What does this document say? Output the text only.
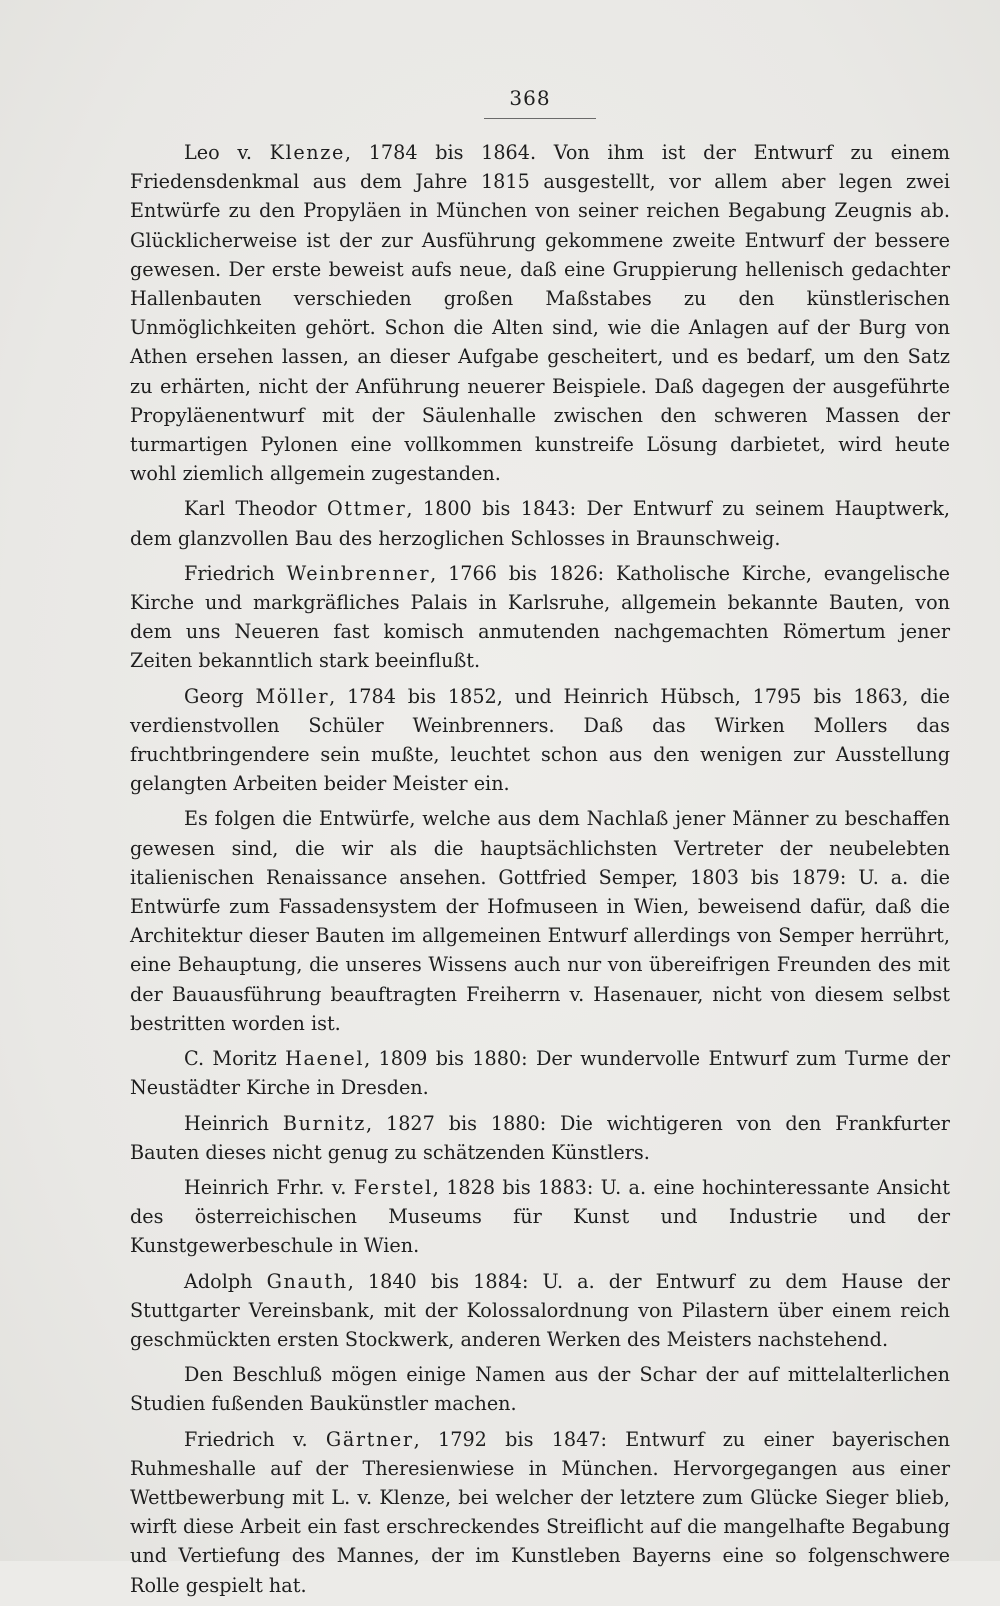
368

Leo v. Klenze, 1784 bis 1864. Von ihm ist der Entwurf zu einem Friedensdenkmal aus dem Jahre 1815 ausgestellt, vor allem aber legen zwei Entwürfe zu den Propyläen in München von seiner reichen Begabung Zeugnis ab. Glücklicherweise ist der zur Ausführung gekommene zweite Entwurf der bessere gewesen. Der erste beweist aufs neue, daß eine Gruppierung hellenisch gedachter Hallenbauten verschieden großen Maßstabes zu den künstlerischen Unmöglichkeiten gehört. Schon die Alten sind, wie die Anlagen auf der Burg von Athen ersehen lassen, an dieser Aufgabe gescheitert, und es bedarf, um den Satz zu erhärten, nicht der Anführung neuerer Beispiele. Daß dagegen der ausgeführte Propyläenentwurf mit der Säulenhalle zwischen den schweren Massen der turmartigen Pylonen eine vollkommen kunstreife Lösung darbietet, wird heute wohl ziemlich allgemein zugestanden.

Karl Theodor Ottmer, 1800 bis 1843: Der Entwurf zu seinem Hauptwerk, dem glanzvollen Bau des herzoglichen Schlosses in Braunschweig.

Friedrich Weinbrenner, 1766 bis 1826: Katholische Kirche, evangelische Kirche und markgräfliches Palais in Karlsruhe, allgemein bekannte Bauten, von dem uns Neueren fast komisch anmutenden nachgemachten Römertum jener Zeiten bekanntlich stark beeinflußt.

Georg Möller, 1784 bis 1852, und Heinrich Hübsch, 1795 bis 1863, die verdienstvollen Schüler Weinbrenners. Daß das Wirken Mollers das fruchtbringendere sein mußte, leuchtet schon aus den wenigen zur Ausstellung gelangten Arbeiten beider Meister ein.

Es folgen die Entwürfe, welche aus dem Nachlaß jener Männer zu beschaffen gewesen sind, die wir als die hauptsächlichsten Vertreter der neubelebten italienischen Renaissance ansehen. Gottfried Semper, 1803 bis 1879: U. a. die Entwürfe zum Fassadensystem der Hofmuseen in Wien, beweisend dafür, daß die Architektur dieser Bauten im allgemeinen Entwurf allerdings von Semper herrührt, eine Behauptung, die unseres Wissens auch nur von übereifrigen Freunden des mit der Bauausführung beauftragten Freiherrn v. Hasenauer, nicht von diesem selbst bestritten worden ist.

C. Moritz Haenel, 1809 bis 1880: Der wundervolle Entwurf zum Turme der Neustädter Kirche in Dresden.

Heinrich Burnitz, 1827 bis 1880: Die wichtigeren von den Frankfurter Bauten dieses nicht genug zu schätzenden Künstlers.

Heinrich Frhr. v. Ferstel, 1828 bis 1883: U. a. eine hochinteressante Ansicht des österreichischen Museums für Kunst und Industrie und der Kunstgewerbeschule in Wien.

Adolph Gnauth, 1840 bis 1884: U. a. der Entwurf zu dem Hause der Stuttgarter Vereinsbank, mit der Kolossalordnung von Pilastern über einem reich geschmückten ersten Stockwerk, anderen Werken des Meisters nachstehend.

Den Beschluß mögen einige Namen aus der Schar der auf mittelalterlichen Studien fußenden Baukünstler machen.

Friedrich v. Gärtner, 1792 bis 1847: Entwurf zu einer bayerischen Ruhmeshalle auf der Theresienwiese in München. Hervorgegangen aus einer Wettbewerbung mit L. v. Klenze, bei welcher der letztere zum Glücke Sieger blieb, wirft diese Arbeit ein fast erschreckendes Streiflicht auf die mangelhafte Begabung und Vertiefung des Mannes, der im Kunstleben Bayerns eine so folgenschwere Rolle gespielt hat.
